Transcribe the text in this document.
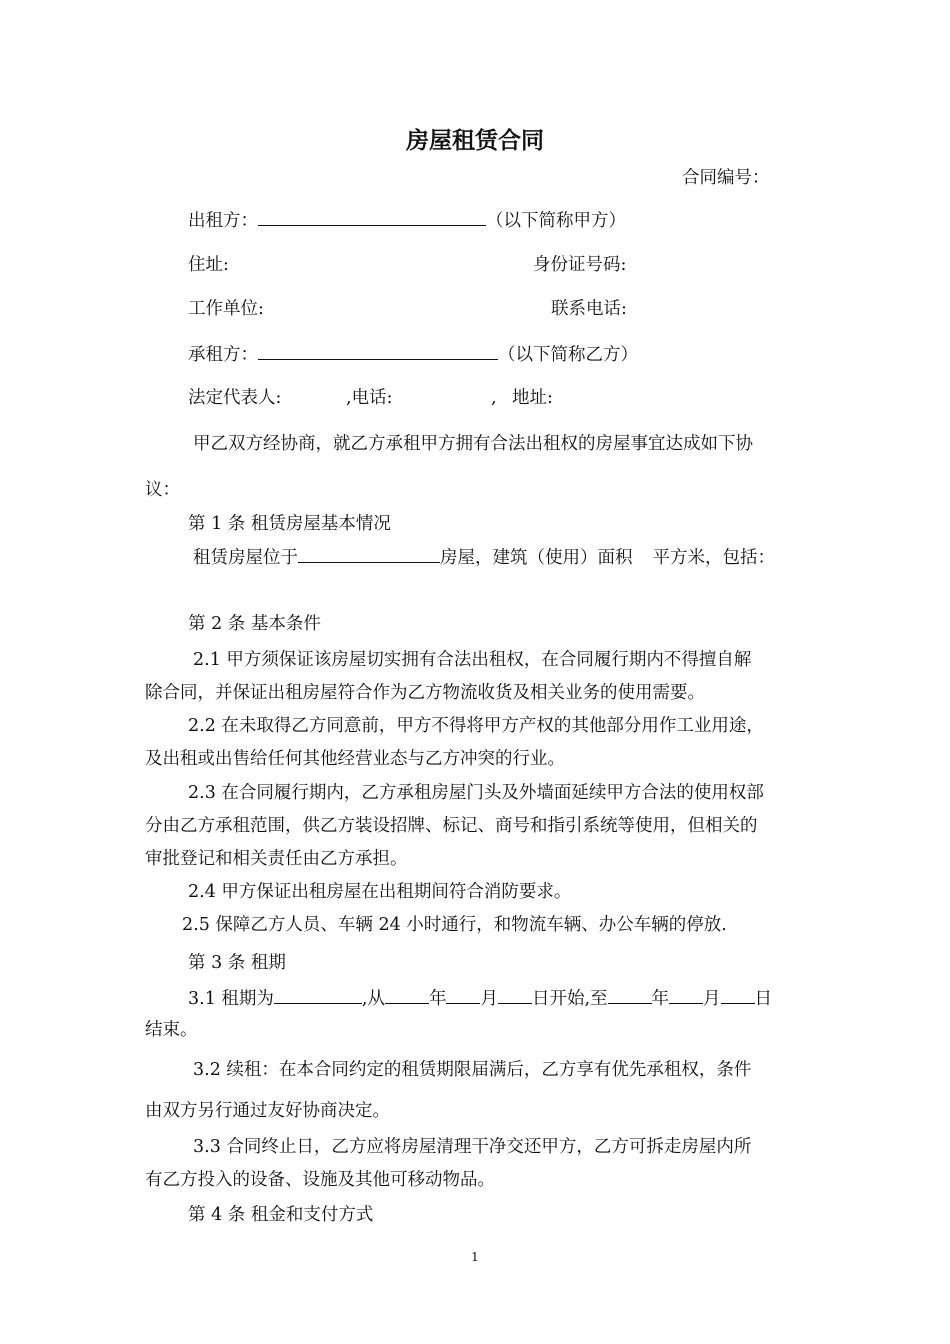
房屋租赁合同
合同编号：
出租方：	（以下简称甲方）
住址:	身份证号码:
工作单位:	联系电话:
承租方：	（以下简称乙方）
法定代表人:	,电话:	, 地址:
甲乙双方经协商，就乙方承租甲方拥有合法出租权的房屋事宜达成如下协
议：
第 1 条 租赁房屋基本情况
租赁房屋位于	房屋，建筑（使用）面积 平方米，包括：
第 2 条 基本条件
2.1 甲方须保证该房屋切实拥有合法出租权，在合同履行期内不得擅自解
除合同，并保证出租房屋符合作为乙方物流收货及相关业务的使用需要。
2.2 在未取得乙方同意前，甲方不得将甲方产权的其他部分用作工业用途，
及出租或出售给任何其他经营业态与乙方冲突的行业。
2.3 在合同履行期内，乙方承租房屋门头及外墙面延续甲方合法的使用权部
分由乙方承租范围，供乙方装设招牌、标记、商号和指引系统等使用，但相关的
审批登记和相关责任由乙方承担。
2.4 甲方保证出租房屋在出租期间符合消防要求。
2.5 保障乙方人员、车辆 24 小时通行，和物流车辆、办公车辆的停放.
第 3 条 租期
3.1 租期为	,从	年 月 日开始,至	年 月 日
结束。
3.2 续租：在本合同约定的租赁期限届满后，乙方享有优先承租权，条件
由双方另行通过友好协商决定。
3.3 合同终止日，乙方应将房屋清理干净交还甲方，乙方可拆走房屋内所
有乙方投入的设备、设施及其他可移动物品。
第 4 条 租金和支付方式
1
